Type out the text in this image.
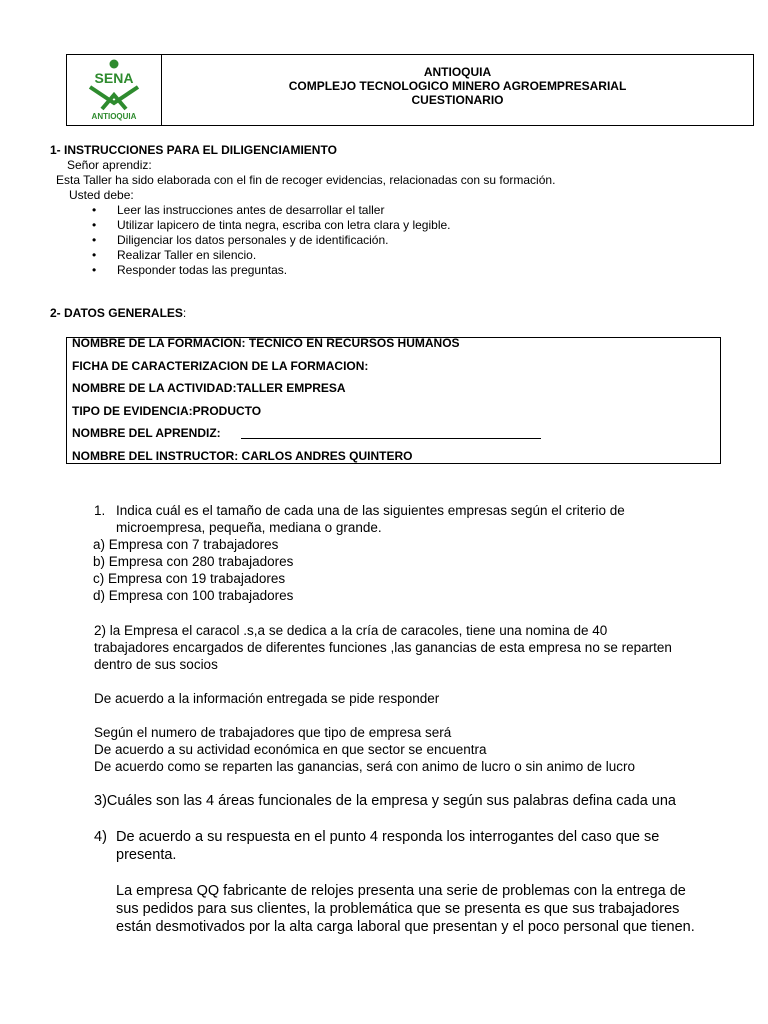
SENA
ANTIOQUIA
ANTIOQUIA
COMPLEJO TECNOLOGICO MINERO AGROEMPRESARIAL
CUESTIONARIO
1- INSTRUCCIONES PARA EL DILIGENCIAMIENTO
Señor aprendiz:
Esta Taller ha sido elaborada con el fin de recoger evidencias, relacionadas con su formación.
Usted debe:
• Leer las instrucciones antes de desarrollar el taller
• Utilizar lapicero de tinta negra, escriba con letra clara y legible.
• Diligenciar los datos personales y de identificación.
• Realizar Taller en silencio.
• Responder todas las preguntas.
2- DATOS GENERALES:
NOMBRE DE LA FORMACION: TECNICO EN RECURSOS HUMANOS
FICHA DE CARACTERIZACION DE LA FORMACION:
NOMBRE DE LA ACTIVIDAD:TALLER EMPRESA
TIPO DE EVIDENCIA:PRODUCTO
NOMBRE DEL APRENDIZ:
NOMBRE DEL INSTRUCTOR: CARLOS ANDRES QUINTERO
1. Indica cuál es el tamaño de cada una de las siguientes empresas según el criterio de
microempresa, pequeña, mediana o grande.
a) Empresa con 7 trabajadores
b) Empresa con 280 trabajadores
c) Empresa con 19 trabajadores
d) Empresa con 100 trabajadores

2) la Empresa el caracol .s,a se dedica a la cría de caracoles, tiene una nomina de 40

trabajadores encargados de diferentes funciones ,las ganancias de esta empresa no se reparten

dentro de sus socios

De acuerdo a la información entregada se pide responder

Según el numero de trabajadores que tipo de empresa será

De acuerdo a su actividad económica en que sector se encuentra

De acuerdo como se reparten las ganancias, será con animo de lucro o sin animo de lucro

3)Cuáles son las 4 áreas funcionales de la empresa y según sus palabras defina cada una
4) De acuerdo a su respuesta en el punto 4 responda los interrogantes del caso que se
presenta.
La empresa QQ fabricante de relojes presenta una serie de problemas con la entrega de
sus pedidos para sus clientes, la problemática que se presenta es que sus trabajadores
están desmotivados por la alta carga laboral que presentan y el poco personal que tienen.
